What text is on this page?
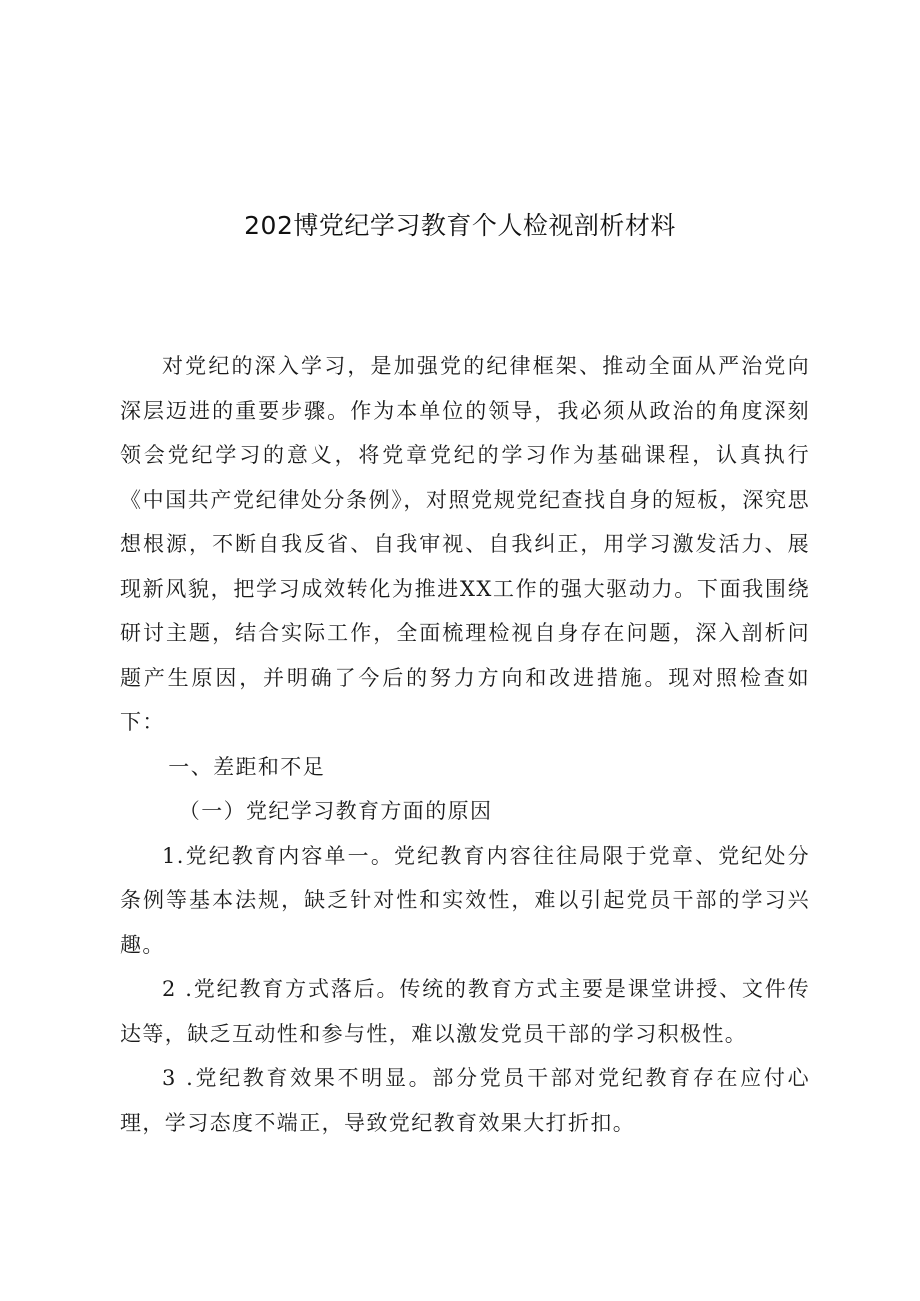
202博党纪学习教育个人检视剖析材料

对党纪的深入学习，是加强党的纪律框架、推动全面从严治党向深层迈进的重要步骤。作为本单位的领导，我必须从政治的角度深刻领会党纪学习的意义，将党章党纪的学习作为基础课程，认真执行《中国共产党纪律处分条例》，对照党规党纪查找自身的短板，深究思想根源，不断自我反省、自我审视、自我纠正，用学习激发活力、展现新风貌，把学习成效转化为推进XX工作的强大驱动力。下面我围绕研讨主题，结合实际工作，全面梳理检视自身存在问题，深入剖析问题产生原因，并明确了今后的努力方向和改进措施。现对照检查如下：

一、差距和不足

（一）党纪学习教育方面的原因

1.党纪教育内容单一。党纪教育内容往往局限于党章、党纪处分条例等基本法规，缺乏针对性和实效性，难以引起党员干部的学习兴趣。

2 .党纪教育方式落后。传统的教育方式主要是课堂讲授、文件传达等，缺乏互动性和参与性，难以激发党员干部的学习积极性。

3 .党纪教育效果不明显。部分党员干部对党纪教育存在应付心理，学习态度不端正，导致党纪教育效果大打折扣。
